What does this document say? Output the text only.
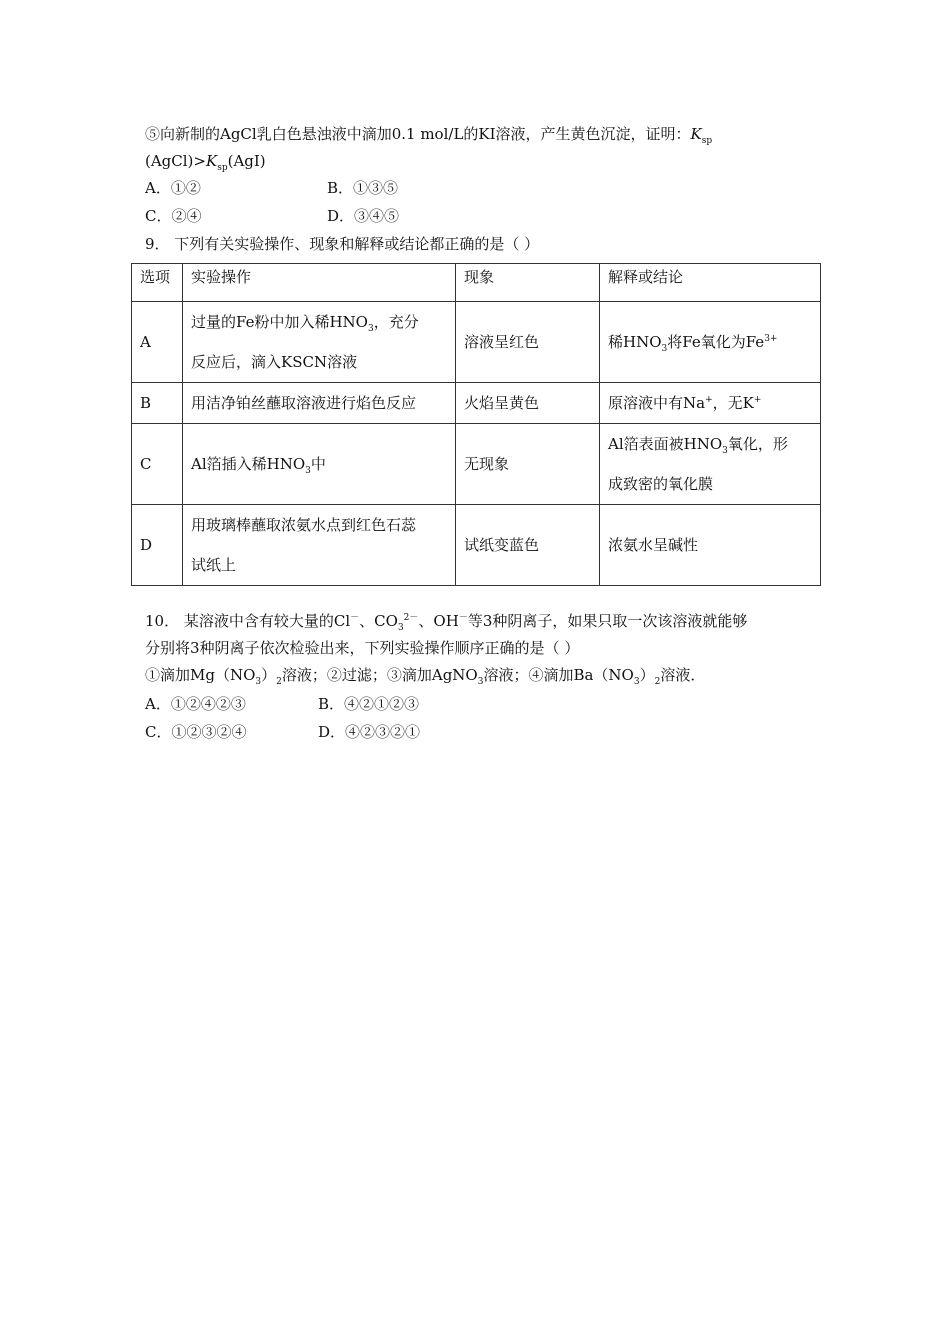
⑤向新制的AgCl乳白色悬浊液中滴加0.1 mol/L的KI溶液，产生黄色沉淀，证明：$K_{sp}$
$(AgCl)>K_{sp}(AgI)$
A．①②	B．①③⑤
C．②④	D．③④⑤
9． 下列有关实验操作、现象和解释或结论都正确的是（ ）
选项	实验操作	现象	解释或结论
A	过量的Fe粉中加入稀$HNO_3$，充分
反应后，滴入KSCN溶液	溶液呈红色	稀$HNO_3$将Fe氧化为$Fe^{3+}$
B	用洁净铂丝蘸取溶液进行焰色反应	火焰呈黄色	原溶液中有Na+，无K+
C	Al箔插入稀$HNO_3$中	无现象	Al箔表面被$HNO_3$氧化，形
成致密的氧化膜

D	用玻璃棒蘸取浓氨水点到红色石蕊
试纸上	试纸变蓝色	浓氨水呈碱性
10． 某溶液中含有较大量的Cl－、$CO_3^{2-}$、OH－等3种阴离子，如果只取一次该溶液就能够
分别将3种阴离子依次检验出来，下列实验操作顺序正确的是（ ）
①滴加$Mg(NO_3)_2$溶液；②过滤；③滴加AgNO$_3$溶液；④滴加$Ba(NO_3)_2$溶液．
A．①②④②③	B．④②①②③
C．①②③②④	D．④②③②①
